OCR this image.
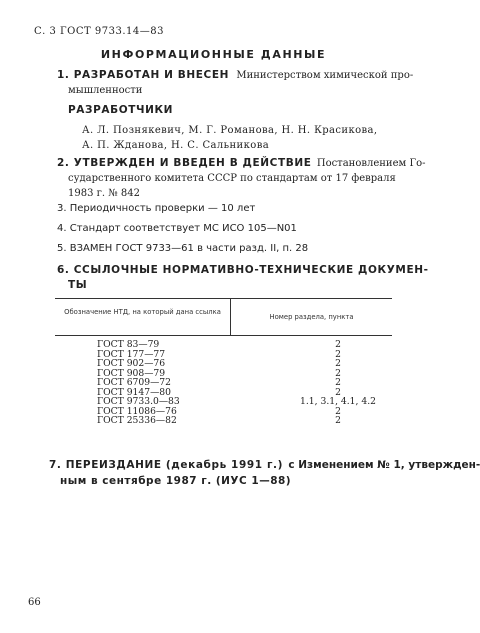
С. 3 ГОСТ 9733.14—83
ИНФОРМАЦИОННЫЕ ДАННЫЕ
1. РАЗРАБОТАН И ВНЕСЕН Министерством химической про-
мышленности
РАЗРАБОТЧИКИ
А. Л. Познякевич, М. Г. Романова, Н. Н. Красикова,
А. П. Жданова, Н. С. Сальникова
2. УТВЕРЖДЕН И ВВЕДЕН В ДЕЙСТВИЕ Постановлением Го-
сударственного комитета СССР по стандартам от 17 февраля
1983 г. № 842
3. Периодичность проверки — 10 лет
4. Стандарт соответствует МС ИСО 105—N01
5. ВЗАМЕН ГОСТ 9733—61 в части разд. II, п. 28
6. ССЫЛОЧНЫЕ НОРМАТИВНО-ТЕХНИЧЕСКИЕ ДОКУМЕН-
ТЫ
Обозначение НТД, на который дана ссылка
Номер раздела, пункта
ГОСТ 83—79
ГОСТ 177—77
ГОСТ 902—76
ГОСТ 908—79
ГОСТ 6709—72
ГОСТ 9147—80
ГОСТ 9733.0—83
ГОСТ 11086—76
ГОСТ 25336—82
2
2
2
2
2
2
1.1, 3.1, 4.1, 4.2
2
2
7. ПЕРЕИЗДАНИЕ (декабрь 1991 г.) с Изменением № 1, утвержден-
ным в сентябре 1987 г. (ИУС 1—88)
66
